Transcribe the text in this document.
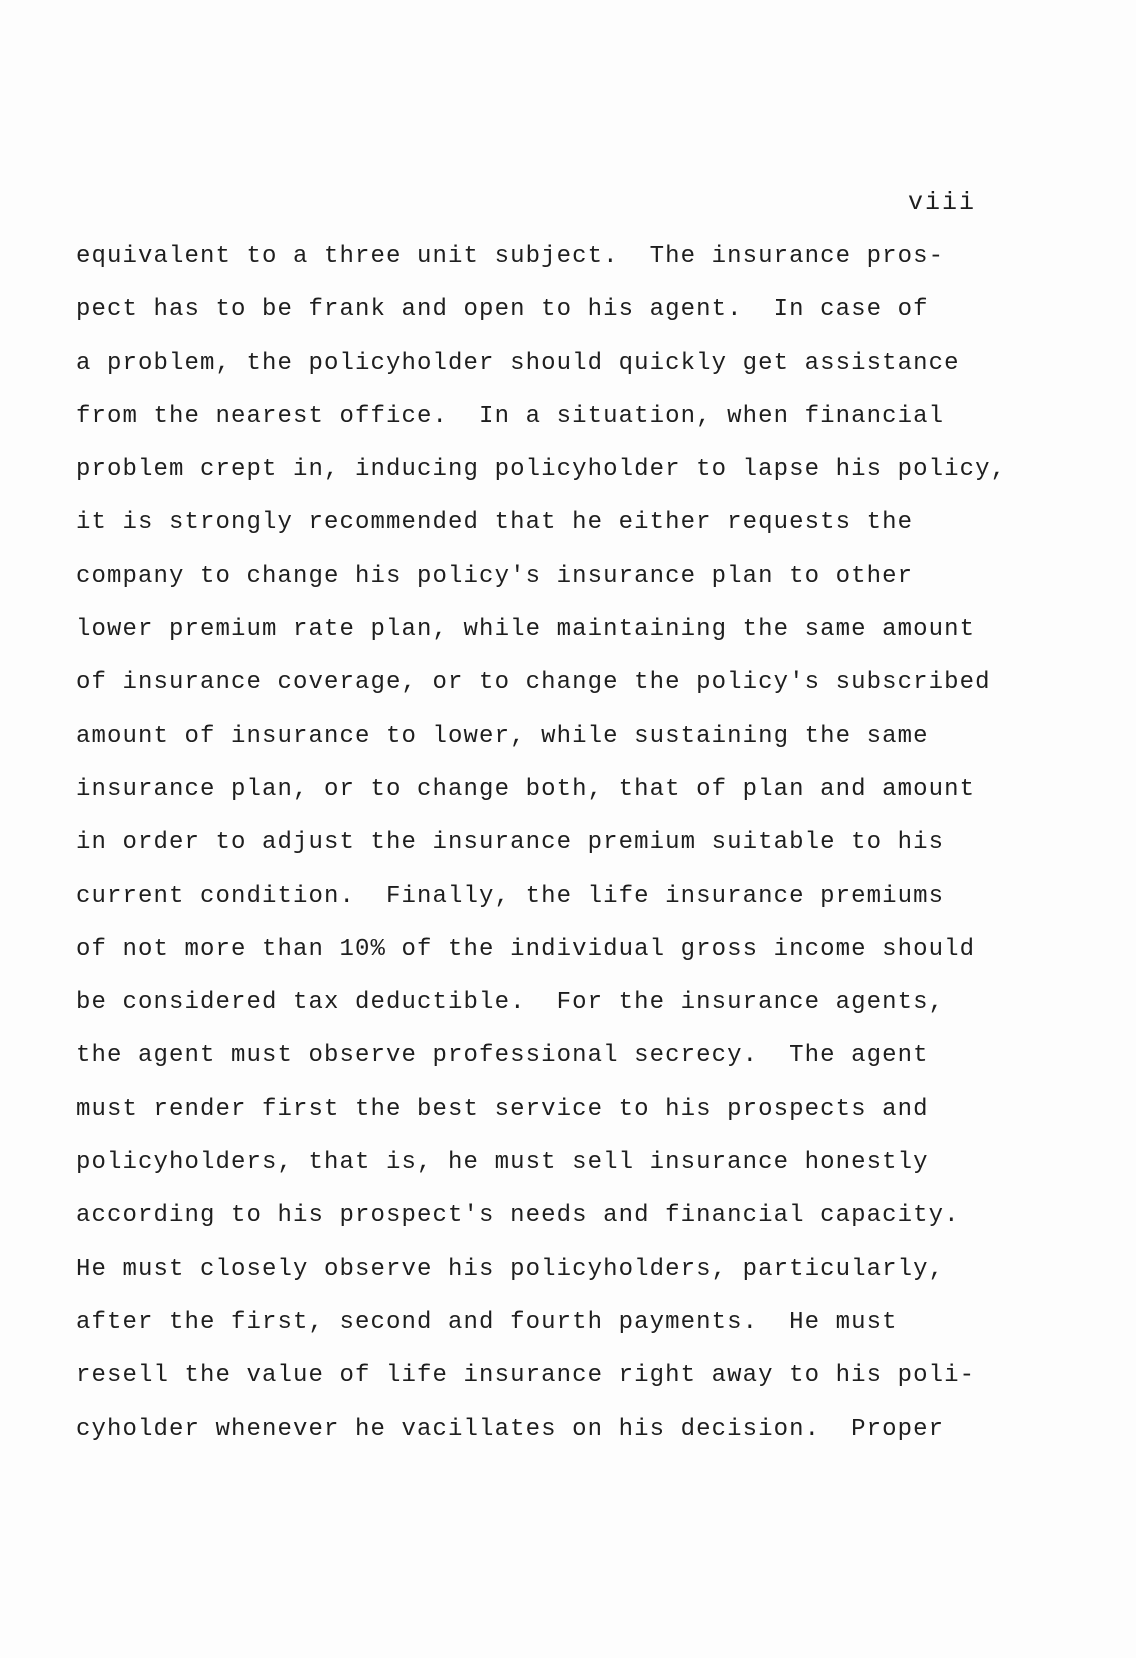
viii
equivalent to a three unit subject.  The insurance pros-
pect has to be frank and open to his agent.  In case of
a problem, the policyholder should quickly get assistance
from the nearest office.  In a situation, when financial
problem crept in, inducing policyholder to lapse his policy,
it is strongly recommended that he either requests the
company to change his policy's insurance plan to other
lower premium rate plan, while maintaining the same amount
of insurance coverage, or to change the policy's subscribed
amount of insurance to lower, while sustaining the same
insurance plan, or to change both, that of plan and amount
in order to adjust the insurance premium suitable to his
current condition.  Finally, the life insurance premiums
of not more than 10% of the individual gross income should
be considered tax deductible.  For the insurance agents,
the agent must observe professional secrecy.  The agent
must render first the best service to his prospects and
policyholders, that is, he must sell insurance honestly
according to his prospect's needs and financial capacity.
He must closely observe his policyholders, particularly,
after the first, second and fourth payments.  He must
resell the value of life insurance right away to his poli-
cyholder whenever he vacillates on his decision.  Proper
